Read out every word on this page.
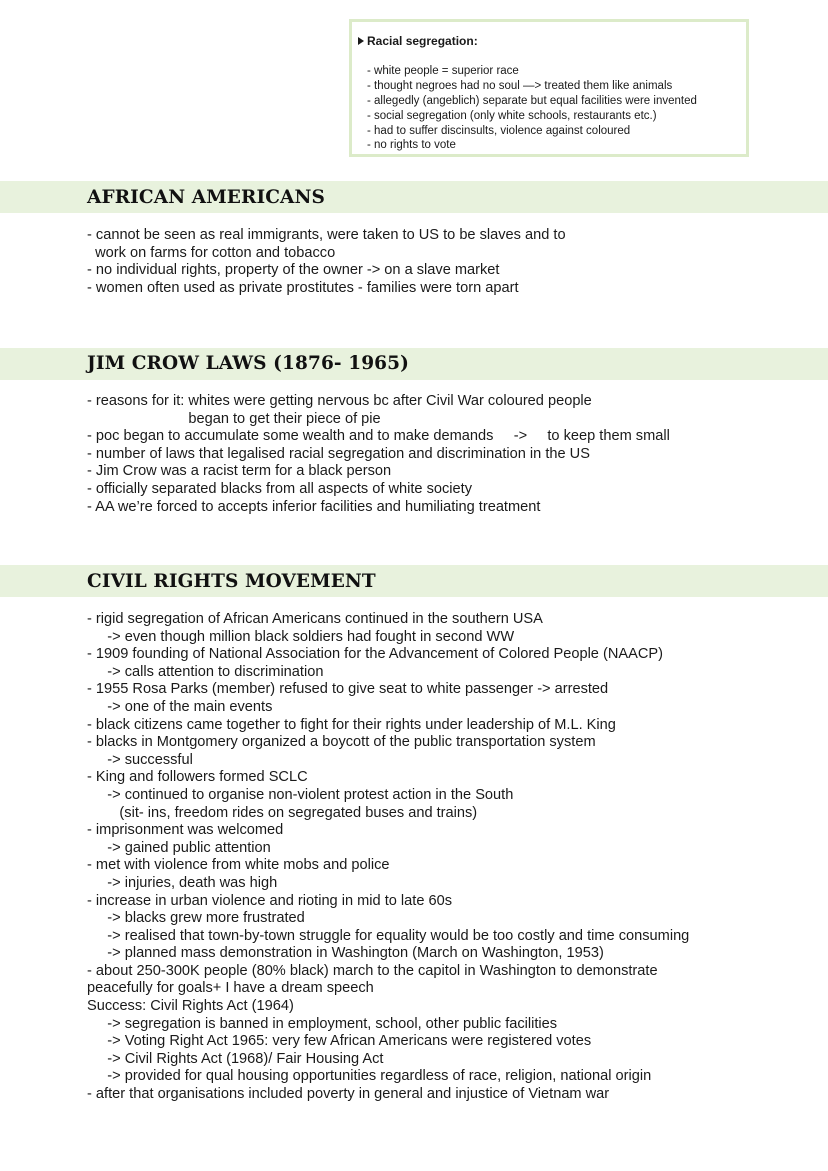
Racial segregation:
- white people = superior race
- thought negroes had no soul —> treated them like animals
- allegedly (angeblich) separate but equal facilities were invented
- social segregation (only white schools, restaurants etc.)
- had to suffer discinsults, violence against coloured
- no rights to vote
AFRICAN AMERICANS
- cannot be seen as real immigrants, were taken to US to be slaves and to
work on farms for cotton and tobacco
- no individual rights, property of the owner -> on a slave market
- women often used as private prostitutes - families were torn apart
JIM CROW LAWS (1876- 1965)
- reasons for it: whites were getting nervous bc after Civil War coloured people
began to get their piece of pie
- poc began to accumulate some wealth and to make demands     ->     to keep them small
- number of laws that legalised racial segregation and discrimination in the US
- Jim Crow was a racist term for a black person
- officially separated blacks from all aspects of white society
- AA we’re forced to accepts inferior facilities and humiliating treatment
CIVIL RIGHTS MOVEMENT
- rigid segregation of African Americans continued in the southern USA
-> even though million black soldiers had fought in second WW
- 1909 founding of National Association for the Advancement of Colored People (NAACP)
-> calls attention to discrimination
- 1955 Rosa Parks (member) refused to give seat to white passenger -> arrested
-> one of the main events
- black citizens came together to fight for their rights under leadership of M.L. King
- blacks in Montgomery organized a boycott of the public transportation system
-> successful
- King and followers formed SCLC
-> continued to organise non-violent protest action in the South
(sit- ins, freedom rides on segregated buses and trains)
- imprisonment was welcomed
-> gained public attention
- met with violence from white mobs and police
-> injuries, death was high
- increase in urban violence and rioting in mid to late 60s
-> blacks grew more frustrated
-> realised that town-by-town struggle for equality would be too costly and time consuming
-> planned mass demonstration in Washington (March on Washington, 1953)
- about 250-300K people (80% black) march to the capitol in Washington to demonstrate
peacefully for goals+ I have a dream speech
Success: Civil Rights Act (1964)
-> segregation is banned in employment, school, other public facilities
-> Voting Right Act 1965: very few African Americans were registered votes
-> Civil Rights Act (1968)/ Fair Housing Act
-> provided for qual housing opportunities regardless of race, religion, national origin
- after that organisations included poverty in general and injustice of Vietnam war
